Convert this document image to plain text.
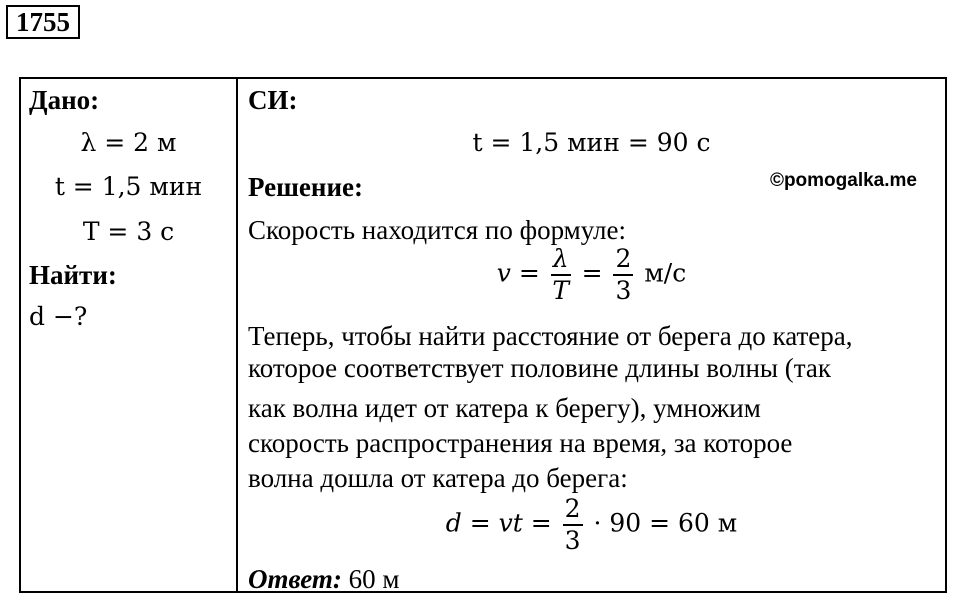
1755
Дано:
λ = 2 м
t = 1,5 мин
T = 3 с
Найти:
d −?
СИ:
t = 1,5 мин = 90 с
Решение:	©pomogalka.me
Скорость находится по формуле:
$v = \frac{\lambda}{T} = \frac{2}{3} м/с$
Теперь, чтобы найти расстояние от берега до катера,
которое соответствует половине длины волны (так
как волна идет от катера к берегу), умножим
скорость распространения на время, за которое
волна дошла от катера до берега:
d = vt = $\frac{2}{3} \cdot 90 = 60$ м
Ответ: 60 м
